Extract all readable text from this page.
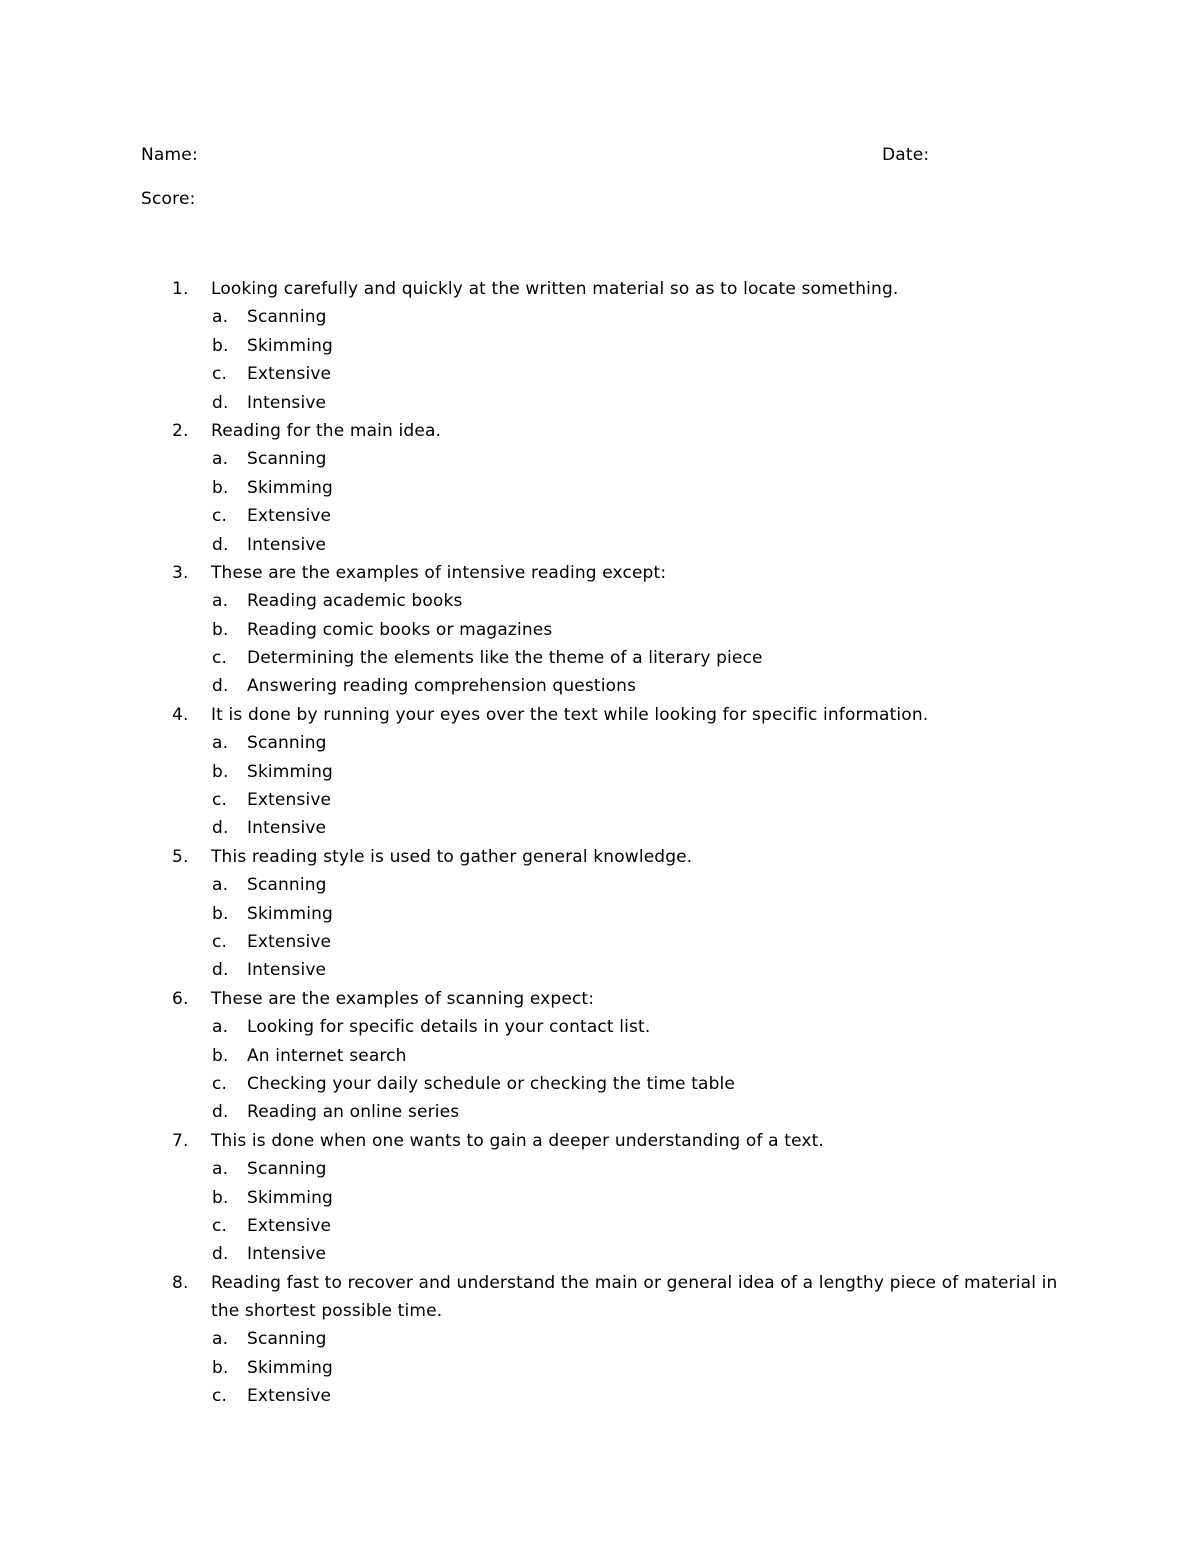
Name:	Date:
Score:
1.	Looking carefully and quickly at the written material so as to locate something.
a.	Scanning
b.	Skimming
c.	Extensive
d.	Intensive
2.	Reading for the main idea.
a.	Scanning
b.	Skimming
c.	Extensive
d.	Intensive
3.	These are the examples of intensive reading except:
a.	Reading academic books
b.	Reading comic books or magazines
c.	Determining the elements like the theme of a literary piece
d.	Answering reading comprehension questions
4.	It is done by running your eyes over the text while looking for specific information.
a.	Scanning
b.	Skimming
c.	Extensive
d.	Intensive
5.	This reading style is used to gather general knowledge.
a.	Scanning
b.	Skimming
c.	Extensive
d.	Intensive
6.	These are the examples of scanning expect:
a.	Looking for specific details in your contact list.
b.	An internet search
c.	Checking your daily schedule or checking the time table
d.	Reading an online series
7.	This is done when one wants to gain a deeper understanding of a text.
a.	Scanning
b.	Skimming
c.	Extensive
d.	Intensive
8.	Reading fast to recover and understand the main or general idea of a lengthy piece of material in
the shortest possible time.
a.	Scanning
b.	Skimming
c.	Extensive
